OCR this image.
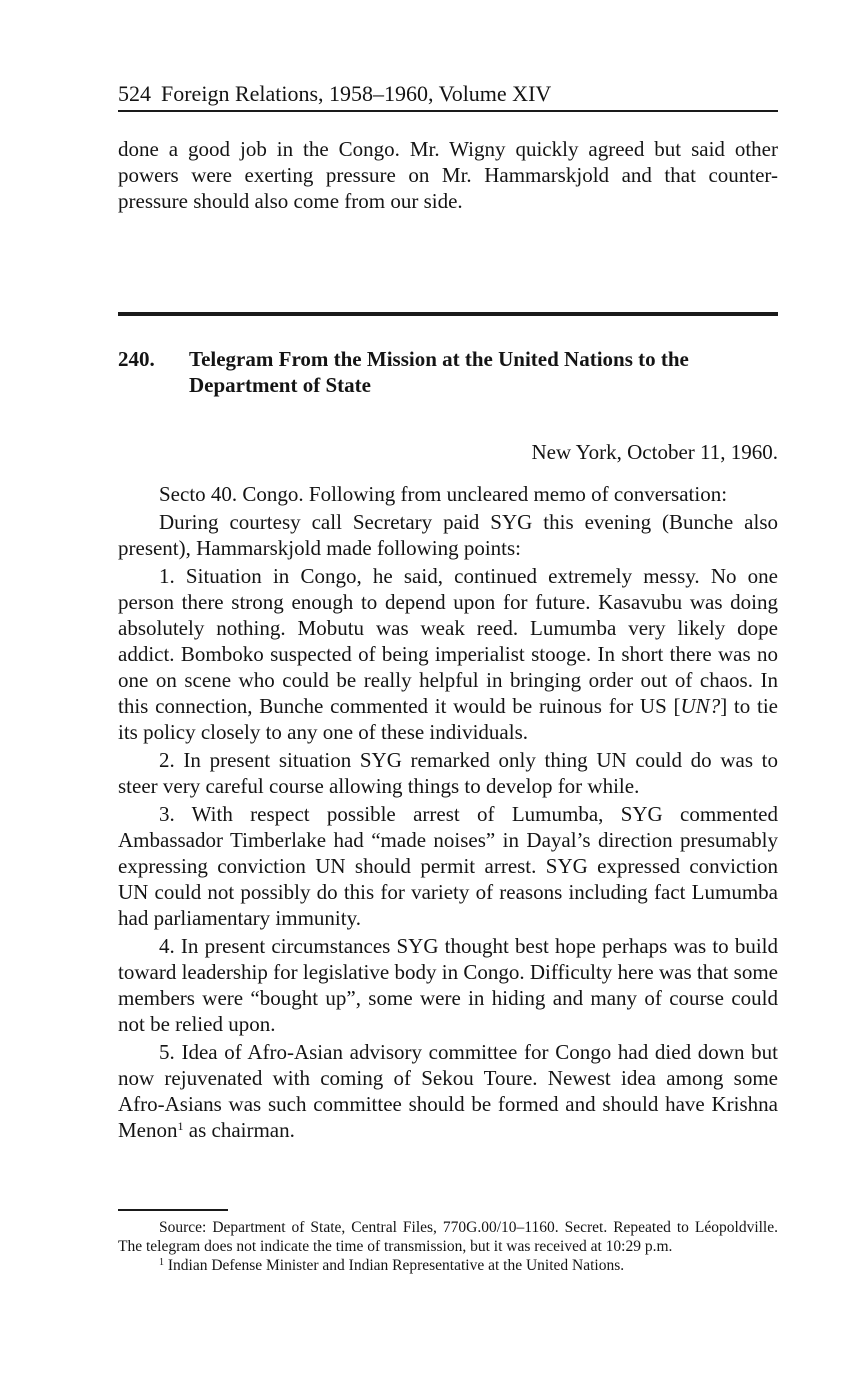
524 Foreign Relations, 1958–1960, Volume XIV

done a good job in the Congo. Mr. Wigny quickly agreed but said other powers were exerting pressure on Mr. Hammarskjold and that counter-pressure should also come from our side.

240. Telegram From the Mission at the United Nations to the Department of State
New York, October 11, 1960.

Secto 40. Congo. Following from uncleared memo of conversation:

During courtesy call Secretary paid SYG this evening (Bunche also present), Hammarskjold made following points:

1. Situation in Congo, he said, continued extremely messy. No one person there strong enough to depend upon for future. Kasavubu was doing absolutely nothing. Mobutu was weak reed. Lumumba very likely dope addict. Bomboko suspected of being imperialist stooge. In short there was no one on scene who could be really helpful in bringing order out of chaos. In this connection, Bunche commented it would be ruinous for US [UN?] to tie its policy closely to any one of these individuals.

2. In present situation SYG remarked only thing UN could do was to steer very careful course allowing things to develop for while.

3. With respect possible arrest of Lumumba, SYG commented Ambassador Timberlake had “made noises” in Dayal’s direction presumably expressing conviction UN should permit arrest. SYG expressed conviction UN could not possibly do this for variety of reasons including fact Lumumba had parliamentary immunity.

4. In present circumstances SYG thought best hope perhaps was to build toward leadership for legislative body in Congo. Difficulty here was that some members were “bought up”, some were in hiding and many of course could not be relied upon.

5. Idea of Afro-Asian advisory committee for Congo had died down but now rejuvenated with coming of Sekou Toure. Newest idea among some Afro-Asians was such committee should be formed and should have Krishna Menon$^1$ as chairman.

Source: Department of State, Central Files, 770G.00/10–1160. Secret. Repeated to Léopoldville. The telegram does not indicate the time of transmission, but it was received at 10:29 p.m.

$^1$ Indian Defense Minister and Indian Representative at the United Nations.
